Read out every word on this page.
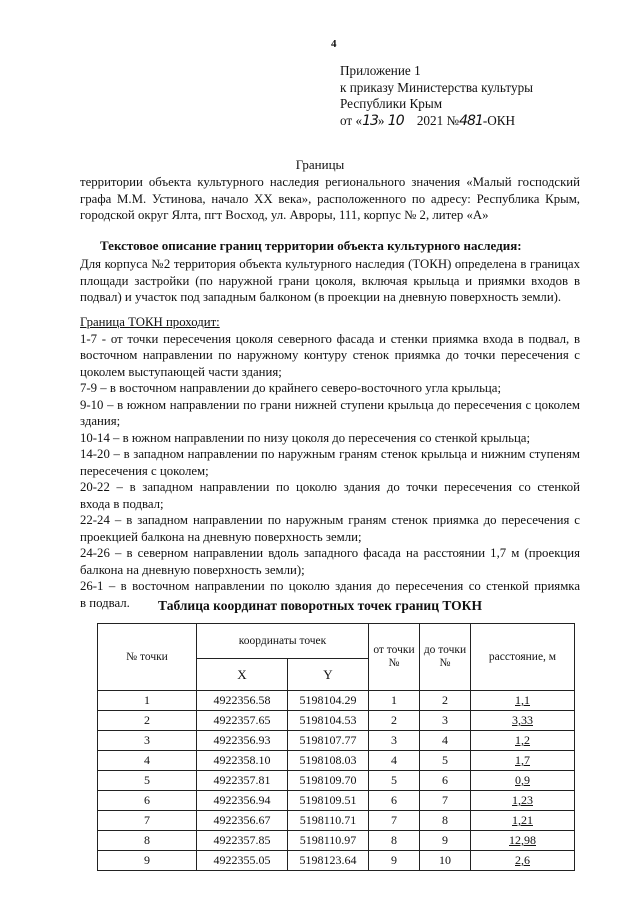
4
Приложение 1
к приказу Министерства культуры
Республики Крым
от «13» 10 2021 №481-ОКН
Границы
территории объекта культурного наследия регионального значения «Малый господский
графа М.М. Устинова, начало XX века», расположенного по адресу: Республика Крым,
городской округ Ялта, пгт Восход, ул. Авроры, 111, корпус № 2, литер «А»
Текстовое описание границ территории объекта культурного наследия:
Для корпуса №2 территория объекта культурного наследия (ТОКН) определена в границах
площади застройки (по наружной грани цоколя, включая крыльца и приямки входов в
подвал) и участок под западным балконом (в проекции на дневную поверхность земли).
Граница ТОКН проходит:
1-7 - от точки пересечения цоколя северного фасада и стенки приямка входа в подвал, в
восточном направлении по наружному контуру стенок приямка до точки пересечения с
цоколем выступающей части здания;
7-9 – в восточном направлении до крайнего северо-восточного угла крыльца;
9-10 – в южном направлении по грани нижней ступени крыльца до пересечения с цоколем
здания;
10-14 – в южном направлении по низу цоколя до пересечения со стенкой крыльца;
14-20 – в западном направлении по наружным граням стенок крыльца и нижним ступеням
пересечения с цоколем;
20-22 – в западном направлении по цоколю здания до точки пересечения со стенкой
входа в подвал;
22-24 – в западном направлении по наружным граням стенок приямка до пересечения с
проекцией балкона на дневную поверхность земли;
24-26 – в северном направлении вдоль западного фасада на расстоянии 1,7 м (проекция
балкона на дневную поверхность земли);
26-1 – в восточном направлении по цоколю здания до пересечения со стенкой приямка
в подвал.	Таблица координат поворотных точек границ ТОКН
№ точки	координаты точек		от точки №	до точки №	расстояние, м
	X	Y			
1	4922356.58	5198104.29	1	2	1,1
2	4922357.65	5198104.53	2	3	3,33
3	4922356.93	5198107.77	3	4	1,2
4	4922358.10	5198108.03	4	5	1,7
5	4922357.81	5198109.70	5	6	0,9
6	4922356.94	5198109.51	6	7	1,23
7	4922356.67	5198110.71	7	8	1,21
8	4922357.85	5198110.97	8	9	12,98
9	4922355.05	5198123.64	9	10	2,6
